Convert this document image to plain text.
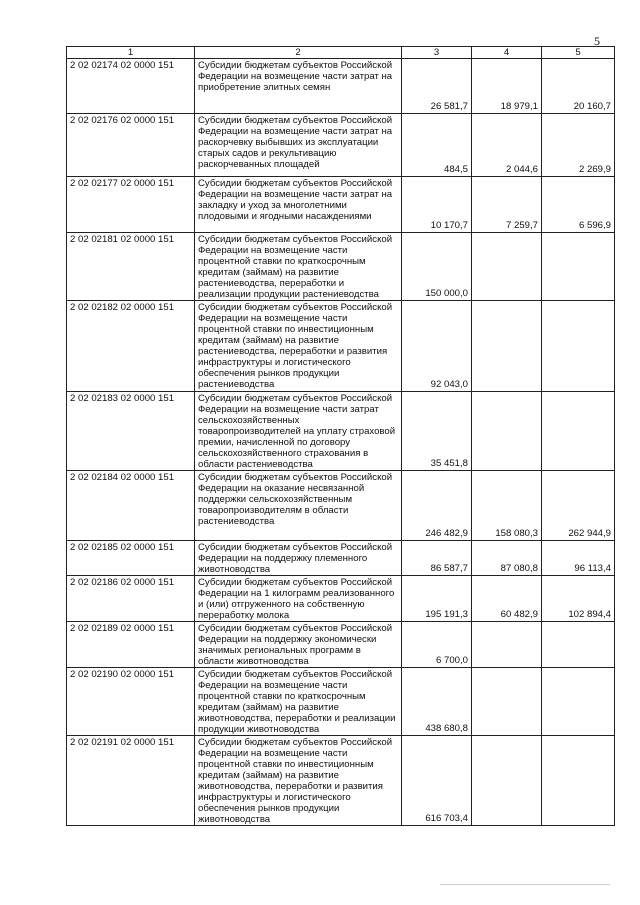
5
1	2	3	4	5
2 02 02174 02 0000 151	Субсидии бюджетам субъектов Российской Федерации на возмещение части затрат на приобретение элитных семян	26 581,7	18 979,1	20 160,7
2 02 02176 02 0000 151	Субсидии бюджетам субъектов Российской Федерации на возмещение части затрат на раскорчевку выбывших из эксплуатации старых садов и рекультивацию раскорчеванных площадей	484,5	2 044,6	2 269,9
2 02 02177 02 0000 151	Субсидии бюджетам субъектов Российской Федерации на возмещение части затрат на закладку и уход за многолетними плодовыми и ягодными насаждениями	10 170,7	7 259,7	6 596,9
2 02 02181 02 0000 151	Субсидии бюджетам субъектов Российской Федерации на возмещение части процентной ставки по краткосрочным кредитам (займам) на развитие растениеводства, переработки и реализации продукции растениеводства	150 000,0		
2 02 02182 02 0000 151	Субсидии бюджетам субъектов Российской Федерации на возмещение части процентной ставки по инвестиционным кредитам (займам) на развитие растениеводства, переработки и развития инфраструктуры и логистического обеспечения рынков продукции растениеводства	92 043,0		
2 02 02183 02 0000 151	Субсидии бюджетам субъектов Российской Федерации на возмещение части затрат сельскохозяйственных товаропроизводителей на уплату страховой премии, начисленной по договору сельскохозяйственного страхования в области растениеводства	35 451,8		
2 02 02184 02 0000 151	Субсидии бюджетам субъектов Российской Федерации на оказание несвязанной поддержки сельскохозяйственным товаропроизводителям в области растениеводства	246 482,9	158 080,3	262 944,9
2 02 02185 02 0000 151	Субсидии бюджетам субъектов Российской Федерации на поддержку племенного животноводства	86 587,7	87 080,8	96 113,4
2 02 02186 02 0000 151	Субсидии бюджетам субъектов Российской Федерации на 1 килограмм реализованного и (или) отгруженного на собственную переработку молока	195 191,3	60 482,9	102 894,4
2 02 02189 02 0000 151	Субсидии бюджетам субъектов Российской Федерации на поддержку экономически значимых региональных программ в области животноводства	6 700,0		
2 02 02190 02 0000 151	Субсидии бюджетам субъектов Российской Федерации на возмещение части процентной ставки по краткосрочным кредитам (займам) на развитие животноводства, переработки и реализации продукции животноводства	438 680,8		
2 02 02191 02 0000 151	Субсидии бюджетам субъектов Российской Федерации на возмещение части процентной ставки по инвестиционным кредитам (займам) на развитие животноводства, переработки и развития инфраструктуры и логистического обеспечения рынков продукции животноводства	616 703,4		
